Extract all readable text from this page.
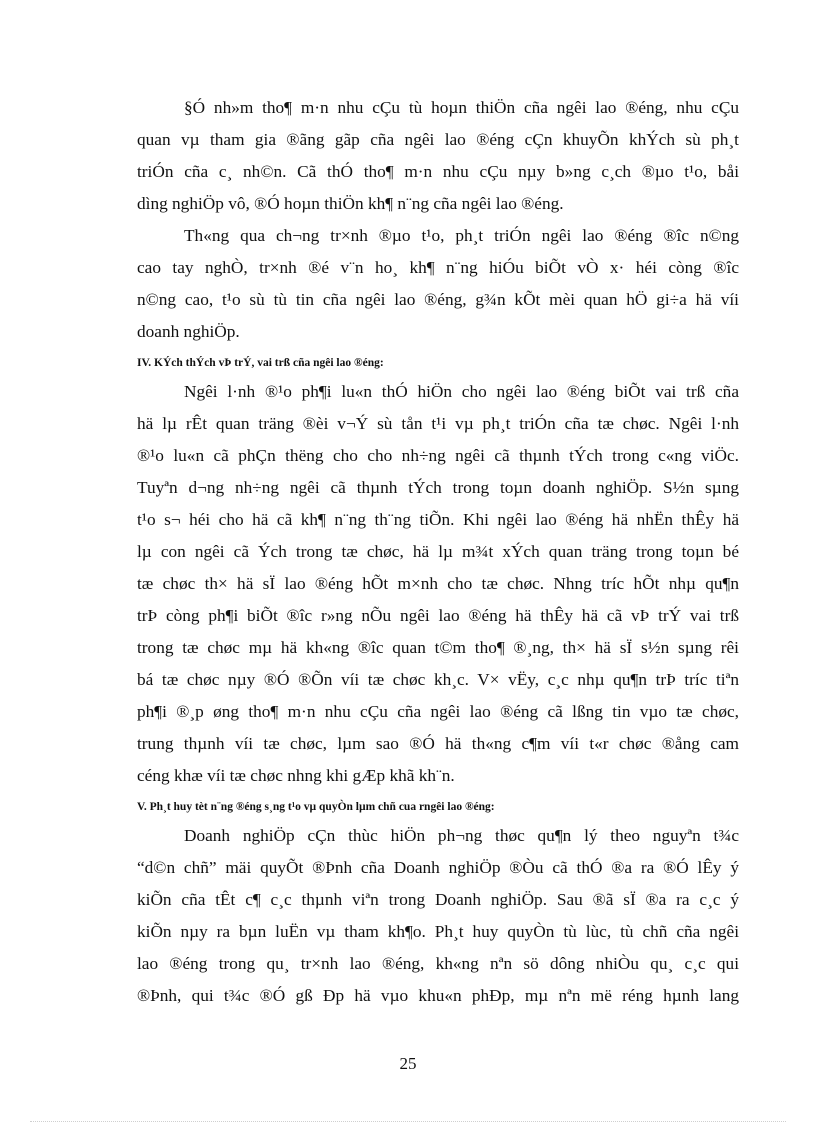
§Ó nh»m tho¶ m·n nhu cÇu tù hoµn thiÖn cña ngêi lao ®éng, nhu cÇu
quan vµ tham gia ®ãng gãp cña ngêi lao ®éng cÇn khuyÕn khÝch sù ph¸t
triÓn cña c¸ nh©n. Cã thÓ tho¶ m·n nhu cÇu nµy b»ng c¸ch ®µo t¹o, båi
dìng nghiÖp vô, ®Ó hoµn thiÖn kh¶ n¨ng cña ngêi lao ®éng.

Th«ng qua ch¬ng tr×nh ®µo t¹o, ph¸t triÓn ngêi lao ®éng ®îc n©ng
cao tay nghÒ, tr×nh ®é v¨n ho¸ kh¶ n¨ng hiÓu biÕt vÒ x· héi còng ®îc
n©ng cao, t¹o sù tù tin cña ngêi lao ®éng, g¾n kÕt mèi quan hÖ gi÷a hä víi
doanh nghiÖp.

IV. KÝch thÝch vÞ trÝ, vai trß cña ngêi lao ®éng:

Ngêi l·nh ®¹o ph¶i lu«n thÓ hiÖn cho ngêi lao ®éng biÕt vai trß cña
hä lµ rÊt quan träng ®èi v¬Ý sù tån t¹i vµ ph¸t triÓn cña tæ chøc. Ngêi l·nh
®¹o lu«n cã phÇn thëng cho cho nh÷ng ngêi cã thµnh tÝch trong c«ng viÖc.
Tuyªn d¬ng nh÷ng ngêi cã thµnh tÝch trong toµn doanh nghiÖp. S½n sµng
t¹o s¬ héi cho hä cã kh¶ n¨ng th¨ng tiÕn. Khi ngêi lao ®éng hä nhËn thÊy hä
lµ con ngêi cã Ých trong tæ chøc, hä lµ m¾t xÝch quan träng trong toµn bé
tæ chøc th× hä sÏ lao ®éng hÕt m×nh cho tæ chøc. Nhng tríc hÕt nhµ qu¶n
trÞ còng ph¶i biÕt ®îc r»ng nÕu ngêi lao ®éng hä thÊy hä cã vÞ trÝ vai trß
trong tæ chøc mµ hä kh«ng ®îc quan t©m tho¶ ®¸ng, th× hä sÏ s½n sµng rêi
bá tæ chøc nµy ®Ó ®Õn víi tæ chøc kh¸c. V× vËy, c¸c nhµ qu¶n trÞ tríc tiªn
ph¶i ®¸p øng tho¶ m·n nhu cÇu cña ngêi lao ®éng cã lßng tin vµo tæ chøc,
trung thµnh víi tæ chøc, lµm sao ®Ó hä th«ng c¶m víi t«r chøc ®ång cam
céng khæ víi tæ chøc nhng khi gÆp khã kh¨n.

V. Ph¸t huy tèt n¨ng ®éng s¸ng t¹o vµ quyÒn lµm chñ cua rngêi lao ®éng:

Doanh nghiÖp cÇn thùc hiÖn ph¬ng thøc qu¶n lý theo nguyªn t¾c
“d©n chñ” mäi quyÕt ®Þnh cña Doanh nghiÖp ®Òu cã thÓ ®a ra ®Ó lÊy ý
kiÕn cña tÊt c¶ c¸c thµnh viªn trong Doanh nghiÖp. Sau ®ã sÏ ®a ra c¸c ý
kiÕn nµy ra bµn luËn vµ tham kh¶o. Ph¸t huy quyÒn tù lùc, tù chñ cña ngêi
lao ®éng trong qu¸ tr×nh lao ®éng, kh«ng nªn sö dông nhiÒu qu¸ c¸c qui
®Þnh, qui t¾c ®Ó gß Ðp hä vµo khu«n phÐp, mµ nªn më réng hµnh lang

25
